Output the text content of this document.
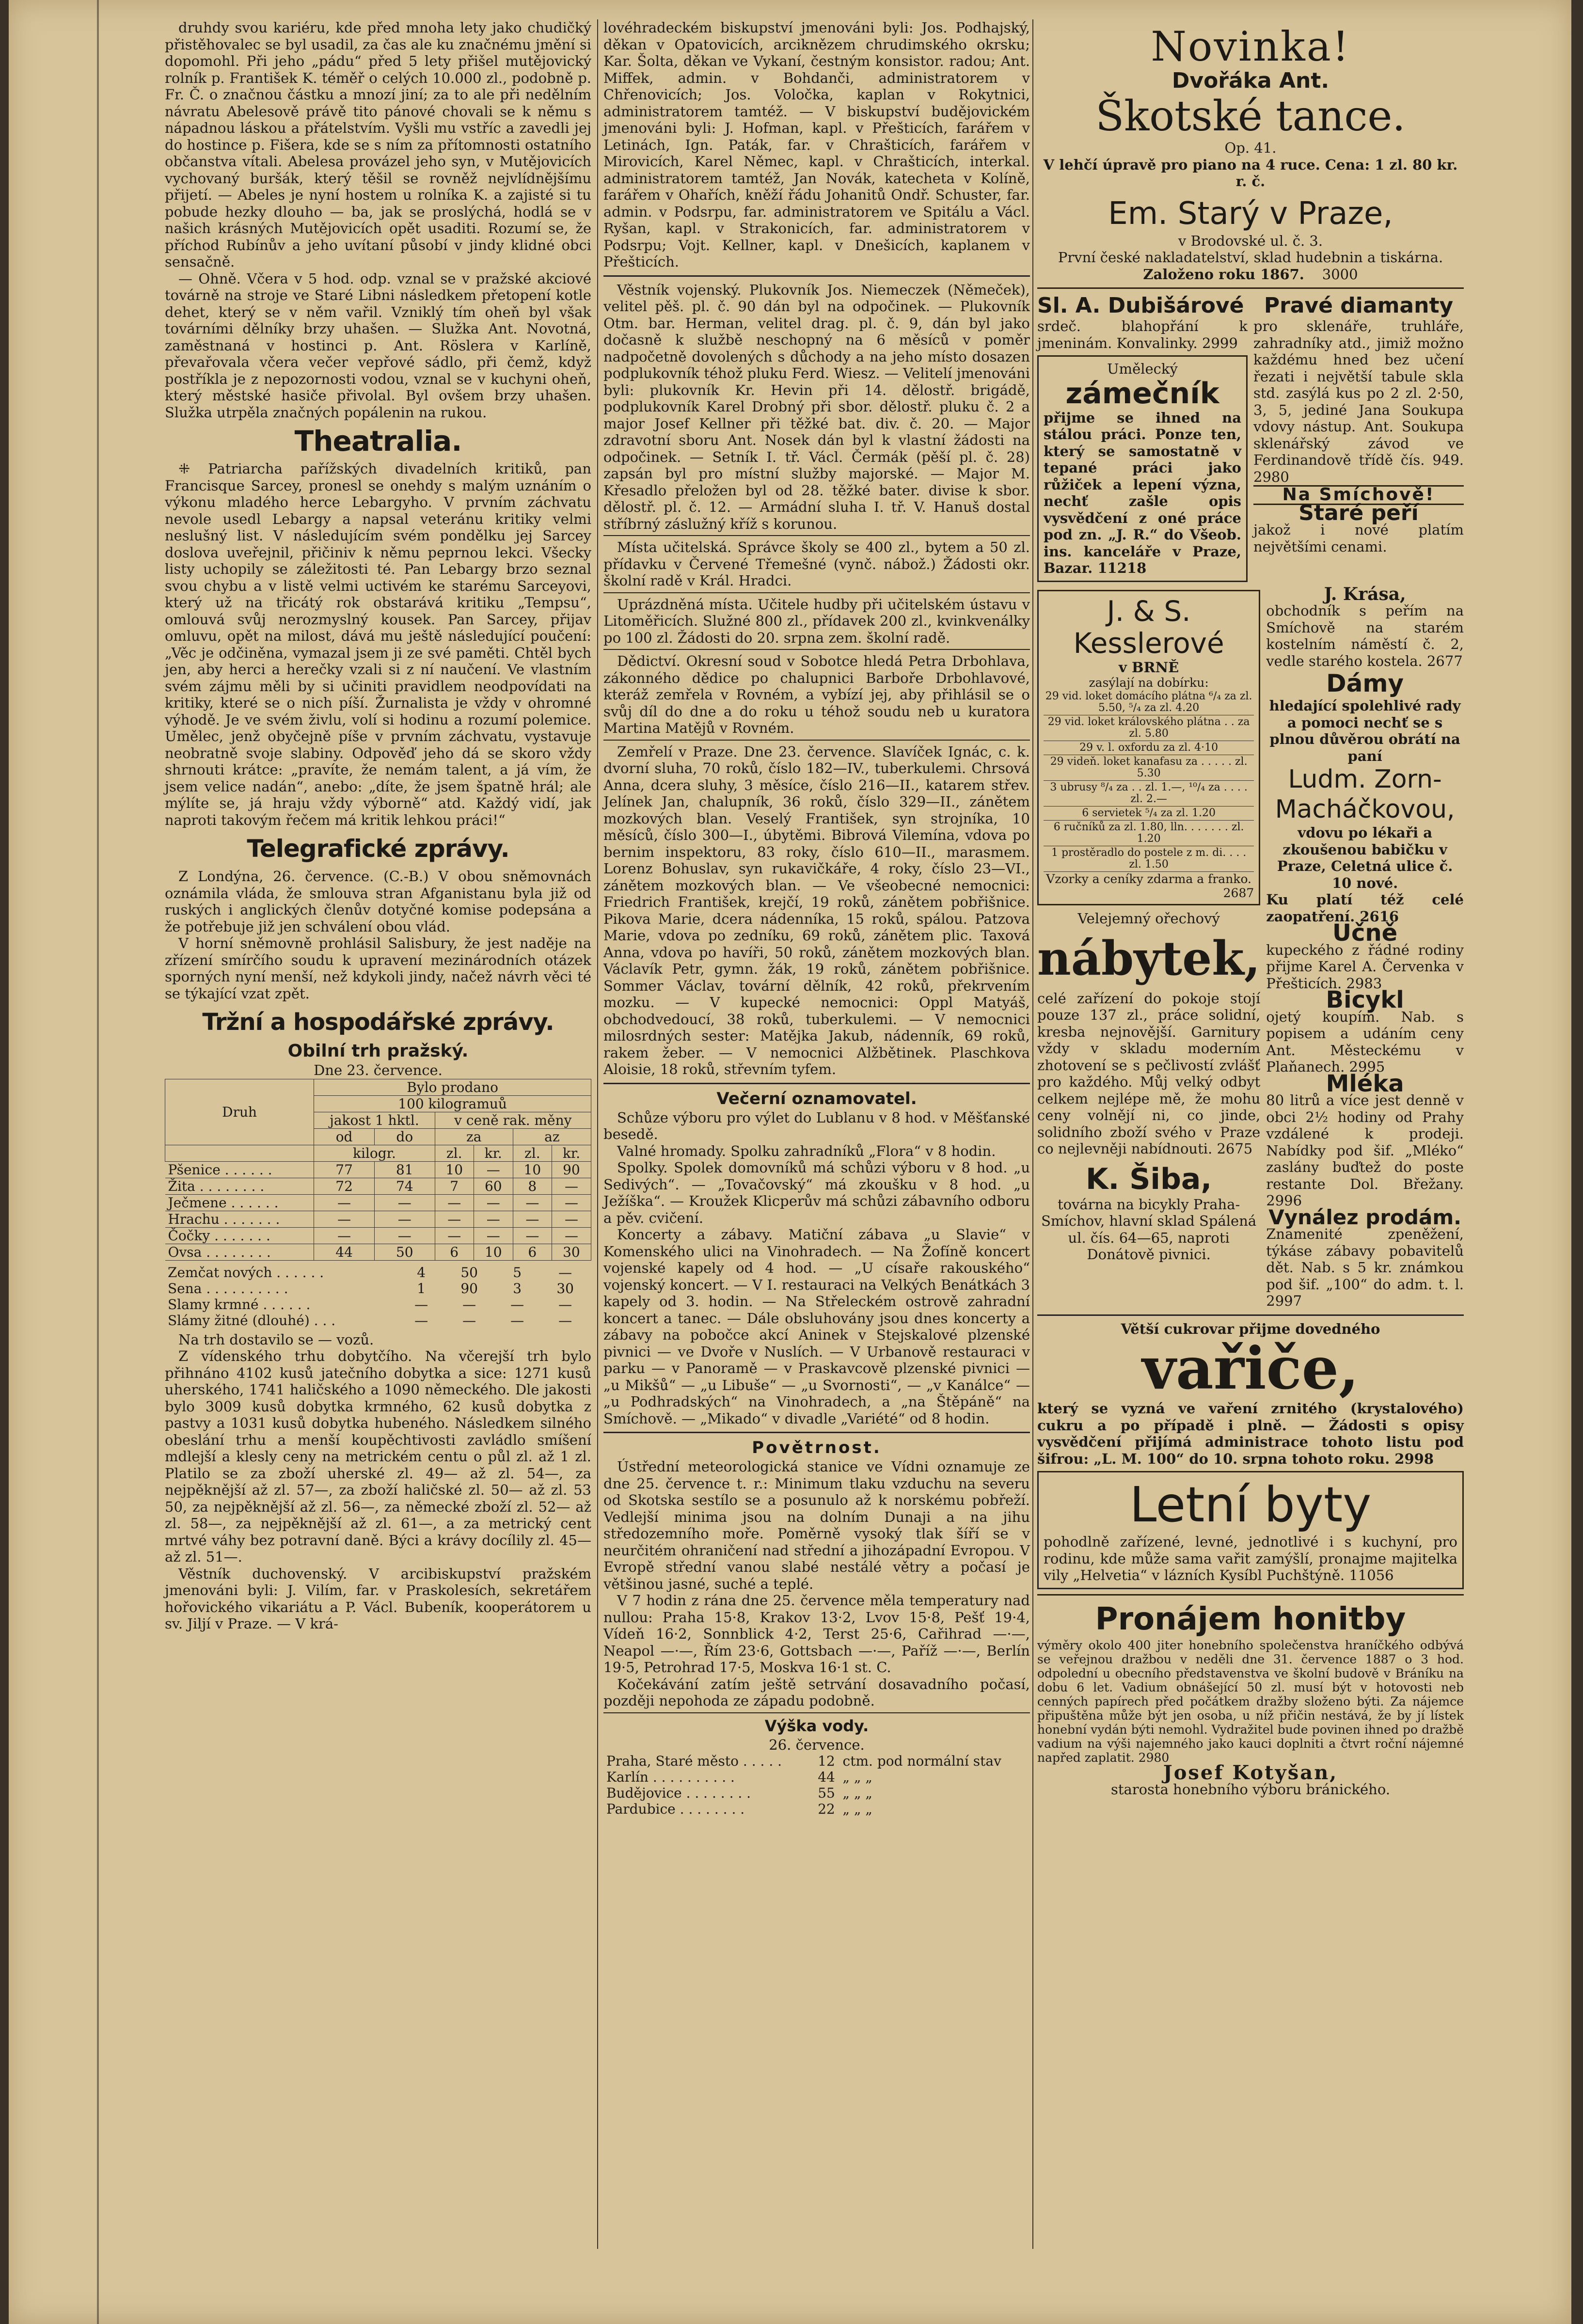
druhdy svou kariéru, kde před mnoha lety jako chudičký přistěhovalec se byl usadil, za čas ale ku značnému jmění si dopomohl. Při jeho „pádu“ před 5 lety přišel mutějovický rolník p. František K. téměř o celých 10.000 zl., podobně p. Fr. Č. o značnou částku a mnozí jiní; za to ale při nedělním návratu Abelesově právě tito pánové chovali se k němu s nápadnou láskou a přátelstvím. Vyšli mu vstříc a zavedli jej do hostince p. Fišera, kde se s ním za přítomnosti ostatního občanstva vítali. Abelesa provázel jeho syn, v Mutějovicích vychovaný buršák, který těšil se rovněž nejvlídnějšímu přijetí. — Abeles je nyní hostem u rolníka K. a zajisté si tu pobude hezky dlouho — ba, jak se proslýchá, hodlá se v našich krásných Mutějovicích opět usaditi. Rozumí se, že příchod Rubínův a jeho uvítaní působí v jindy klidné obci sensačně.

— Ohně. Včera v 5 hod. odp. vznal se v pražské akciové továrně na stroje ve Staré Libni následkem přetopení kotle dehet, který se v něm vařil. Vzniklý tím oheň byl však továrními dělníky brzy uhašen. — Služka Ant. Novotná, zaměstnaná v hostinci p. Ant. Röslera v Karlíně, převařovala včera večer vepřové sádlo, při čemž, když postříkla je z nepozornosti vodou, vznal se v kuchyni oheň, který městské hasiče přivolal. Byl ovšem brzy uhašen. Služka utrpěla značných popálenin na rukou.

Theatralia.

⁜ Patriarcha pařížských divadelních kritiků, pan Francisque Sarcey, pronesl se onehdy s malým uznáním o výkonu mladého herce Lebargyho. V prvním záchvatu nevole usedl Lebargy a napsal veteránu kritiky velmi neslušný list. V následujícím svém pondělku jej Sarcey doslova uveřejnil, přičiniv k němu peprnou lekci. Všecky listy uchopily se záležitosti té. Pan Lebargy brzo seznal svou chybu a v listě velmi uctivém ke starému Sarceyovi, který už na třicátý rok obstarává kritiku „Tempsu“, omlouvá svůj nerozmyslný kousek. Pan Sarcey, přijav omluvu, opět na milost, dává mu ještě následující poučení: „Věc je odčiněna, vymazal jsem ji ze své paměti. Chtěl bych jen, aby herci a herečky vzali si z ní naučení. Ve vlastním svém zájmu měli by si učiniti pravidlem neodpovídati na kritiky, které se o nich píší. Žurnalista je vždy v ohromné výhodě. Je ve svém živlu, volí si hodinu a rozumí polemice. Umělec, jenž obyčejně píše v prvním záchvatu, vystavuje neobratně svoje slabiny. Odpověď jeho dá se skoro vždy shrnouti krátce: „pravíte, že nemám talent, a já vím, že jsem velice nadán“, anebo: „díte, že jsem špatně hrál; ale mýlíte se, já hraju vždy výborně“ atd. Každý vidí, jak naproti takovým řečem má kritik lehkou práci!“

Telegrafické zprávy.

Z Londýna, 26. července. (C.-B.) V obou sněmovnách oznámila vláda, že smlouva stran Afganistanu byla již od ruských i anglických členův dotyčné komise podepsána a že potřebuje již jen schválení obou vlád.

V horní sněmovně prohlásil Salisbury, že jest naděje na zřízení smírčího soudu k upravení mezinárodních otázek sporných nyní menší, než kdykoli jindy, načež návrh věci té se týkající vzat zpět.

Tržní a hospodářské zprávy.
Obilní trh pražský.

Dne 23. července.

Druh	Bylo prodano					
	100 kilogramuů					
	jakost 1 hktl.		v ceně rak. měny			
	od	do	za		az	
	kilogr.		zl.	kr.	zl.	kr.
Pšenice . . . . . .	77	81	10	—	10	90
Žita . . . . . . . .	72	74	7	60	8	—
Ječmene . . . . . .	—	—	—	—	—	—
Hrachu . . . . . . .	—	—	—	—	—	—
Čočky . . . . . . .	—	—	—	—	—	—
Ovsa . . . . . . . .	44	50	6	10	6	30
Zemčat nových . . . . . .	4	50	5	—
Sena . . . . . . . . . .	1	90	3	30
Slamy krmné . . . . . .	—	—	—	—
Slámy žitné (dlouhé) . . .	—	—	—	—

Na trh dostavilo se — vozů.

Z vídenského trhu dobytčího. Na včerejší trh bylo přihnáno 4102 kusů jatečního dobytka a sice: 1271 kusů uherského, 1741 haličského a 1090 německého. Dle jakosti bylo 3009 kusů dobytka krmného, 62 kusů dobytka z pastvy a 1031 kusů dobytka hubeného. Následkem silného obeslání trhu a menší koupěchtivosti zavládlo smíšení mdlejší a klesly ceny na metrickém centu o půl zl. až 1 zl. Platilo se za zboží uherské zl. 49— až zl. 54—, za nejpěknější až zl. 57—, za zboží haličské zl. 50— až zl. 53 50, za nejpěknější až zl. 56—, za německé zboží zl. 52— až zl. 58—, za nejpěknější až zl. 61—, a za metrický cent mrtvé váhy bez potravní daně. Býci a krávy docílily zl. 45— až zl. 51—.

Věstník duchovenský. V arcibiskupství pražském jmenováni byli: J. Vilím, far. v Praskolesích, sekretářem hořovického vikariátu a P. Václ. Bubeník, kooperátorem u sv. Jiljí v Praze. — V krá-

lovéhradeckém biskupství jmenováni byli: Jos. Podhajský, děkan v Opatovicích, arciknězem chrudimského okrsku; Kar. Šolta, děkan ve Vykaní, čestným konsistor. radou; Ant. Miffek, admin. v Bohdanči, administratorem v Chřenovicích; Jos. Voločka, kaplan v Rokytnici, administratorem tamtéž. — V biskupství budějovickém jmenováni byli: J. Hofman, kapl. v Přešticích, farářem v Letinách, Ign. Paták, far. v Chrašticích, farářem v Mirovicích, Karel Němec, kapl. v Chrašticích, interkal. administratorem tamtéž, Jan Novák, katecheta v Kolíně, farářem v Ohařích, kněží řádu Johanitů Ondř. Schuster, far. admin. v Podsrpu, far. administratorem ve Spitálu a Václ. Ryšan, kapl. v Strakonicích, far. administratorem v Podsrpu; Vojt. Kellner, kapl. v Dnešicích, kaplanem v Přešticích.

Věstník vojenský. Plukovník Jos. Niemeczek (Němeček), velitel pěš. pl. č. 90 dán byl na odpočinek. — Plukovník Otm. bar. Herman, velitel drag. pl. č. 9, dán byl jako dočasně k službě neschopný na 6 měsíců v poměr nadpočetně dovolených s důchody a na jeho místo dosazen podplukovník téhož pluku Ferd. Wiesz. — Velitelí jmenováni byli: plukovník Kr. Hevin při 14. dělostř. brigádě, podplukovník Karel Drobný při sbor. dělostř. pluku č. 2 a major Josef Kellner při těžké bat. div. č. 20. — Major zdravotní sboru Ant. Nosek dán byl k vlastní žádosti na odpočinek. — Setník I. tř. Václ. Čermák (pěší pl. č. 28) zapsán byl pro místní služby majorské. — Major M. Křesadlo přeložen byl od 28. těžké bater. divise k sbor. dělostř. pl. č. 12. — Armádní sluha I. tř. V. Hanuš dostal stříbrný záslužný kříž s korunou.

Místa učitelská. Správce školy se 400 zl., bytem a 50 zl. přídavku v Červené Třemešné (vynč. nábož.) Žádosti okr. školní radě v Král. Hradci.

Uprázdněná místa. Učitele hudby při učitelském ústavu v Litoměřicích. Služné 800 zl., přídavek 200 zl., kvinkvenálky po 100 zl. Žádosti do 20. srpna zem. školní radě.

Dědictví. Okresní soud v Sobotce hledá Petra Drbohlava, zákonného dědice po chalupnici Barboře Drbohlavové, kteráž zemřela v Rovném, a vybízí jej, aby přihlásil se o svůj díl do dne a do roku u téhož soudu neb u kuratora Martina Matějů v Rovném.

Zemřelí v Praze. Dne 23. července. Slavíček Ignác, c. k. dvorní sluha, 70 roků, číslo 182—IV., tuberkulemi. Chrsová Anna, dcera sluhy, 3 měsíce, číslo 216—II., katarem střev. Jelínek Jan, chalupník, 36 roků, číslo 329—II., zánětem mozkových blan. Veselý František, syn strojníka, 10 měsíců, číslo 300—I., úbytěmi. Bibrová Vilemína, vdova po bernim inspektoru, 83 roky, číslo 610—II., marasmem. Lorenz Bohuslav, syn rukavičkáře, 4 roky, číslo 23—VI., zánětem mozkových blan. — Ve všeobecné nemocnici: Friedrich František, krejčí, 19 roků, zánětem pobřišnice. Pikova Marie, dcera nádenníka, 15 roků, spálou. Patzova Marie, vdova po zedníku, 69 roků, zánětem plic. Taxová Anna, vdova po havíři, 50 roků, zánětem mozkových blan. Václavík Petr, gymn. žák, 19 roků, zánětem pobřišnice. Sommer Václav, tovární dělník, 42 roků, překrvením mozku. — V kupecké nemocnici: Oppl Matyáš, obchodvedoucí, 38 roků, tuberkulemi. — V nemocnici milosrdných sester: Matějka Jakub, nádenník, 69 roků, rakem žeber. — V nemocnici Alžbětinek. Plaschkova Aloisie, 18 roků, střevním tyfem.

Večerní oznamovatel.

Schůze výboru pro výlet do Lublanu v 8 hod. v Měšťanské besedě.

Valné hromady. Spolku zahradníků „Flora“ v 8 hodin.

Spolky. Spolek domovníků má schůzi výboru v 8 hod. „u Sedivých“. — „Tovačovský“ má zkoušku v 8 hod. „u Ježíška“. — Kroužek Klicperův má schůzi zábavního odboru a pěv. cvičení.

Koncerty a zábavy. Matiční zábava „u Slavie“ v Komenského ulici na Vinohradech. — Na Žofíně koncert vojenské kapely od 4 hod. — „U císaře rakouského“ vojenský koncert. — V I. restauraci na Velkých Benátkách 3 kapely od 3. hodin. — Na Střeleckém ostrově zahradní koncert a tanec. — Dále obsluhovány jsou dnes koncerty a zábavy na pobočce akcí Aninek v Stejskalové plzenské pivnici — ve Dvoře v Nuslích. — V Urbanově restauraci v parku — v Panoramě — v Praskavcově plzenské pivnici — „u Mikšů“ — „u Libuše“ — „u Svornosti“, — „v Kanálce“ — „u Podhradských“ na Vinohradech, a „na Štěpáně“ na Smíchově. — „Mikado“ v divadle „Variété“ od 8 hodin.

Povětrnost.

Ústřední meteorologická stanice ve Vídni oznamuje ze dne 25. července t. r.: Minimum tlaku vzduchu na severu od Skotska sestílo se a posunulo až k norskému pobřeží. Vedlejší minima jsou na dolním Dunaji a na jihu středozemního moře. Poměrně vysoký tlak šíří se v neurčitém ohraničení nad střední a jihozápadní Evropou. V Evropě střední vanou slabé nestálé větry a počasí je většinou jasné, suché a teplé.

V 7 hodin z rána dne 25. července měla temperatury nad nullou: Praha 15·8, Krakov 13·2, Lvov 15·8, Pešť 19·4, Vídeň 16·2, Sonnblick 4·2, Terst 25·6, Cařihrad —·—, Neapol —·—, Řím 23·6, Gottsbach —·—, Paříž —·—, Berlín 19·5, Petrohrad 17·5, Moskva 16·1 st. C.

Kočekávání zatím ještě setrvání dosavadního počasí, později nepohoda ze západu podobně.

Výška vody.

26. července.

Praha, Staré město . . . . .	12	ctm. pod normální stav
Karlín . . . . . . . . . .	44	„ „ „
Budějovice . . . . . . . .	55	„ „ „
Pardubice . . . . . . . .	22	„ „ „
Novinka!
Dvořáka Ant.
Škotské tance.
Op. 41.
V lehčí úpravě pro piano na 4 ruce. Cena: 1 zl. 80 kr. r. č.
Em. Starý v Praze,
v Brodovské ul. č. 3.
První české nakladatelství, sklad hudebnin a tiskárna.
Založeno roku 1867. 3000
Sl. A. Dubišárové

srdeč. blahopřání k jmeninám. Konvalinky. 2999

Umělecký
zámečník

přijme se ihned na stálou práci. Ponze ten, který se samostatně v tepané práci jako růžiček a lepení význa, nechť zašle opis vysvědčení z oné práce pod zn. „J. R.“ do Všeob. ins. kanceláře v Praze, Bazar. 11218

Pravé diamanty

pro sklenáře, truhláře, zahradníky atd., jimiž možno každému hned bez učení řezati i největší tabule skla std. zasýlá kus po 2 zl. 2·50, 3, 5, jediné Jana Soukupa vdovy nástup. Ant. Soukupa sklenářský závod ve Ferdinandově třídě čís. 949. 2980

Na Smíchově!
Staré peří

jakož i nové platím největšími cenami.

J. & S. Kesslerové
v BRNĚ
zasýlají na dobírku:
29 vid. loket domácího plátna ⁶/₄ za zl. 5.50, ⁵/₄ za zl. 4.20
29 vid. loket královského plátna . . za zl. 5.80
29 v. l. oxfordu za zl. 4·10
29 videň. loket kanafasu za . . . . . zl. 5.30
3 ubrusy ⁸/₄ za . . zl. 1.—, ¹⁰/₄ za . . . . zl. 2.—
6 servietek ⁵/₄ za zl. 1.20
6 ručníků za zl. 1.80, lln. . . . . . . zl. 1.20
1 prostěradlo do postele z m. di. . . . zl. 1.50
Vzorky a ceníky zdarma a franko.
2687
Velejemný ořechový
nábytek,

celé zařízení do pokoje stojí pouze 137 zl., práce solidní, kresba nejnovější. Garnitury vždy v skladu moderním zhotovení se s pečlivostí zvlášť pro každého. Můj velký odbyt celkem nejlépe mě, že mohu ceny volnějí ni, co jinde, solidního zboží svého v Praze co nejlevněji nabídnouti. 2675

K. Šiba,

továrna na bicykly Praha-Smíchov, hlavní sklad Spálená ul. čís. 64—65, naproti Donátově pivnici.

J. Krása,

obchodník s peřím na Smíchově na starém kostelním náměstí č. 2, vedle starého kostela. 2677

Dámy

hledající spolehlivé rady a pomoci nechť se s plnou důvěrou obrátí na paní

Ludm. Zorn-Macháčkovou,

vdovu po lékaři a zkoušenou babičku v Praze, Celetná ulice č. 10 nové.

Ku platí též celé zaopatření. 2616

Učně

kupeckého z řádné rodiny přijme Karel A. Červenka v Přešticích. 2983

Bicykl

ojetý koupím. Nab. s popisem a udáním ceny Ant. Městeckému v Plaňanech. 2995

Mléka

80 litrů a více jest denně v obci 2½ hodiny od Prahy vzdálené k prodeji. Nabídky pod šif. „Mléko“ zaslány buďtež do poste restante Dol. Břežany. 2996

Vynález prodám.

Znamenité zpeněžení, týkáse zábavy pobavitelů dět. Nab. s 5 kr. známkou pod šif. „100“ do adm. t. l. 2997

Větší cukrovar přijme dovedného
vařiče,

který se vyzná ve vaření zrnitého (krystalového) cukru a po případě i plně. — Žádosti s opisy vysvědčení přijímá administrace tohoto listu pod šifrou: „L. M. 100“ do 10. srpna tohoto roku. 2998

Letní byty

pohodlně zařízené, levné, jednotlivé i s kuchyní, pro rodinu, kde může sama vařit zamýšlí, pronajme majitelka vily „Helvetia“ v lázních Kysíbl Puchštýně. 11056

Pronájem honitby

výměry okolo 400 jiter honebního společenstva hraníčkého odbývá se veřejnou dražbou v neděli dne 31. července 1887 o 3 hod. odpolední u obecního představenstva ve školní budově v Bráníku na dobu 6 let. Vadium obnášející 50 zl. musí být v hotovosti neb cenných papírech před počátkem dražby složeno býti. Za nájemce připuštěna může být jen osoba, u níž přičin nestává, že by jí lístek honební vydán býti nemohl. Vydražitel bude povinen ihned po dražbě vadium na výši najemného jako kauci doplniti a čtvrt roční nájemné napřed zaplatit. 2980

Josef Kotyšan,
starosta honebního výboru bránického.
